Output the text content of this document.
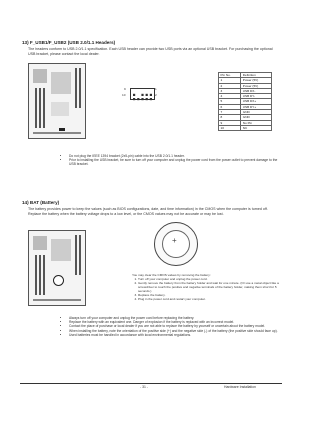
13) F_USB1/F_USB2 (USB 2.0/1.1 Headers)
The headers conform to USB 2.0/1.1 specification. Each USB header can provide two USB ports via an optional USB bracket. For purchasing the optional USB bracket, please contact the local dealer.
9
10
1
2
Pin No.	Definition
1	Power (5V)
2	Power (5V)
3	USB DX-
4	USB DY-
5	USB DX+
6	USB DY+
7	GND
8	GND
9	No Pin
10	NC
• Do not plug the IEEE 1394 bracket (2x5-pin) cable into the USB 2.0/1.1 header.
• Prior to installing the USB bracket, be sure to turn off your computer and unplug the power cord from the power outlet to prevent damage to the USB bracket.
14) BAT (Battery)
The battery provides power to keep the values (such as BIOS configurations, date, and time information) in the CMOS when the computer is turned off. Replace the battery when the battery voltage drops to a low level, or the CMOS values may not be accurate or may be lost.
+
You may clear the CMOS values by removing the battery:
1. Turn off your computer and unplug the power cord.
2. Gently remove the battery from the battery holder and wait for one minute. (Or use a metal object like a screwdriver to touch the positive and negative terminals of the battery holder, making them short for 5 seconds.)
3. Replace the battery.
4. Plug in the power cord and restart your computer.
• Always turn off your computer and unplug the power cord before replacing the battery.
• Replace the battery with an equivalent one. Danger of explosion if the battery is replaced with an incorrect model.
• Contact the place of purchase or local dealer if you are not able to replace the battery by yourself or uncertain about the battery model.
• When installing the battery, note the orientation of the positive side (+) and the negative side (-) of the battery (the positive side should face up).
• Used batteries must be handled in accordance with local environmental regulations.
- 31 -	Hardware Installation
